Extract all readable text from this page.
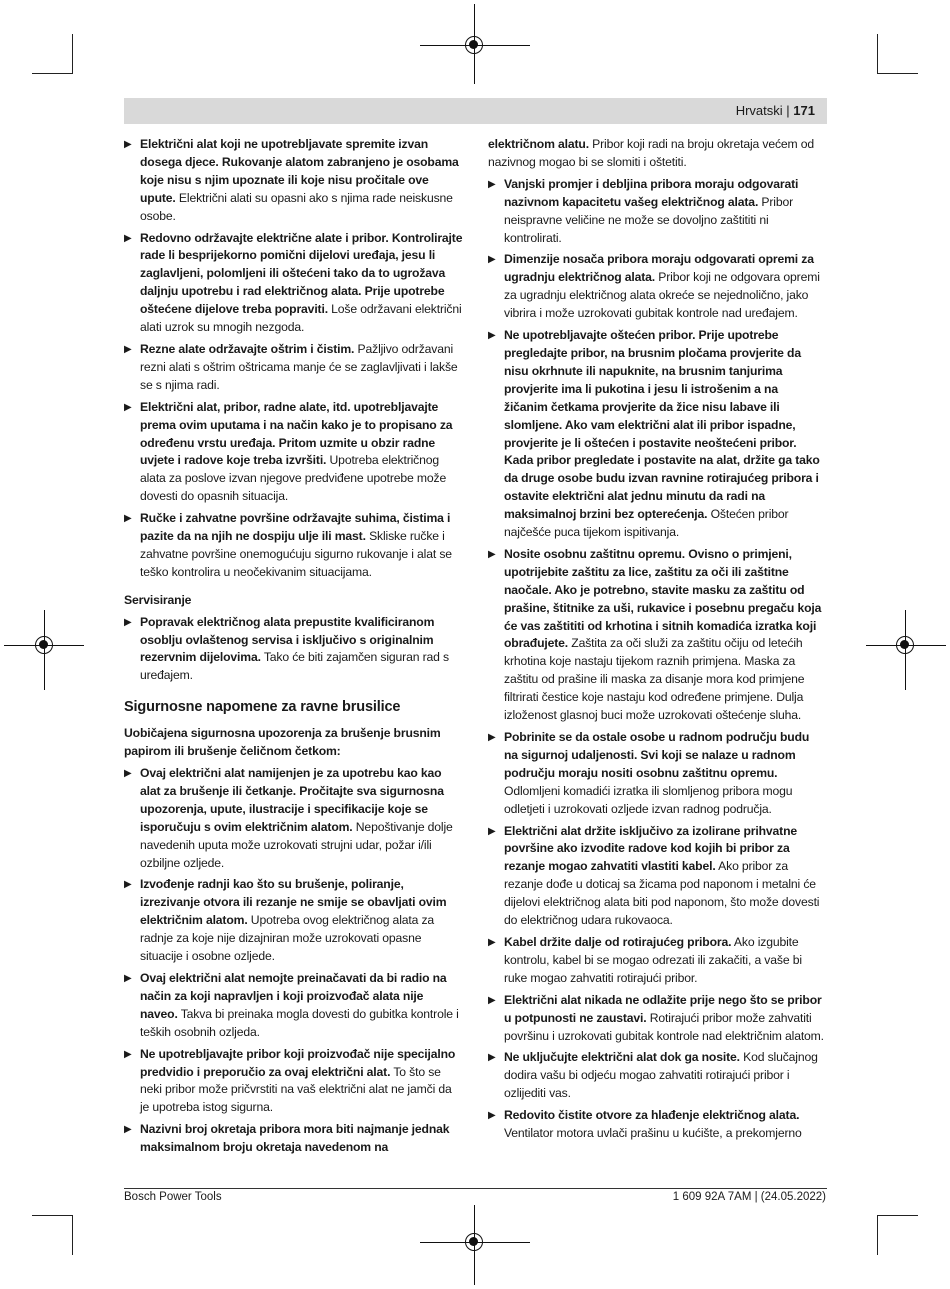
Hrvatski | 171
▶ Električni alat koji ne upotrebljavate spremite izvan dosega djece. Rukovanje alatom zabranjeno je osobama koje nisu s njim upoznate ili koje nisu pročitale ove upute. Električni alati su opasni ako s njima rade neiskusne osobe.
▶ Redovno održavajte električne alate i pribor. Kontrolirajte rade li besprijekorno pomični dijelovi uređaja, jesu li zaglavljeni, polomljeni ili oštećeni tako da to ugrožava daljnju upotrebu i rad električnog alata. Prije upotrebe oštećene dijelove treba popraviti. Loše održavani električni alati uzrok su mnogih nezgoda.
▶ Rezne alate održavajte oštrim i čistim. Pažljivo održavani rezni alati s oštrim oštricama manje će se zaglavljivati i lakše se s njima radi.
▶ Električni alat, pribor, radne alate, itd. upotrebljavajte prema ovim uputama i na način kako je to propisano za određenu vrstu uređaja. Pritom uzmite u obzir radne uvjete i radove koje treba izvršiti. Upotreba električnog alata za poslove izvan njegove predviđene upotrebe može dovesti do opasnih situacija.
▶ Ručke i zahvatne površine održavajte suhima, čistima i pazite da na njih ne dospiju ulje ili mast. Skliske ručke i zahvatne površine onemogućuju sigurno rukovanje i alat se teško kontrolira u neočekivanim situacijama.
Servisiranje
▶ Popravak električnog alata prepustite kvalificiranom osoblju ovlaštenog servisa i isključivo s originalnim rezervnim dijelovima. Tako će biti zajamčen siguran rad s uređajem.
Sigurnosne napomene za ravne brusilice
Uobičajena sigurnosna upozorenja za brušenje brusnim papirom ili brušenje čeličnom četkom:
▶ Ovaj električni alat namijenjen je za upotrebu kao kao alat za brušenje ili četkanje. Pročitajte sva sigurnosna upozorenja, upute, ilustracije i specifikacije koje se isporučuju s ovim električnim alatom. Nepoštivanje dolje navedenih uputa može uzrokovati strujni udar, požar i/ili ozbiljne ozljede.
▶ Izvođenje radnji kao što su brušenje, poliranje, izrezivanje otvora ili rezanje ne smije se obavljati ovim električnim alatom. Upotreba ovog električnog alata za radnje za koje nije dizajniran može uzrokovati opasne situacije i osobne ozljede.
▶ Ovaj električni alat nemojte preinačavati da bi radio na način za koji napravljen i koji proizvođač alata nije naveo. Takva bi preinaka mogla dovesti do gubitka kontrole i teških osobnih ozljeda.
▶ Ne upotrebljavajte pribor koji proizvođač nije specijalno predvidio i preporučio za ovaj električni alat. To što se neki pribor može pričvrstiti na vaš električni alat ne jamči da je upotreba istog sigurna.
▶ Nazivni broj okretaja pribora mora biti najmanje jednak maksimalnom broju okretaja navedenom na
električnom alatu. Pribor koji radi na broju okretaja većem od nazivnog mogao bi se slomiti i oštetiti.
▶ Vanjski promjer i debljina pribora moraju odgovarati nazivnom kapacitetu vašeg električnog alata. Pribor neispravne veličine ne može se dovoljno zaštititi ni kontrolirati.
▶ Dimenzije nosača pribora moraju odgovarati opremi za ugradnju električnog alata. Pribor koji ne odgovara opremi za ugradnju električnog alata okreće se nejednolično, jako vibrira i može uzrokovati gubitak kontrole nad uređajem.
▶ Ne upotrebljavajte oštećen pribor. Prije upotrebe pregledajte pribor, na brusnim pločama provjerite da nisu okrhnute ili napuknite, na brusnim tanjurima provjerite ima li pukotina i jesu li istrošenim a na žičanim četkama provjerite da žice nisu labave ili slomljene. Ako vam električni alat ili pribor ispadne, provjerite je li oštećen i postavite neoštećeni pribor. Kada pribor pregledate i postavite na alat, držite ga tako da druge osobe budu izvan ravnine rotirajućeg pribora i ostavite električni alat jednu minutu da radi na maksimalnoj brzini bez opterećenja. Oštećen pribor najčešće puca tijekom ispitivanja.
▶ Nosite osobnu zaštitnu opremu. Ovisno o primjeni, upotrijebite zaštitu za lice, zaštitu za oči ili zaštitne naočale. Ako je potrebno, stavite masku za zaštitu od prašine, štitnike za uši, rukavice i posebnu pregaču koja će vas zaštititi od krhotina i sitnih komadića izratka koji obrađujete. Zaštita za oči služi za zaštitu očiju od letećih krhotina koje nastaju tijekom raznih primjena. Maska za zaštitu od prašine ili maska za disanje mora kod primjene filtrirati čestice koje nastaju kod određene primjene. Dulja izloženost glasnoj buci može uzrokovati oštećenje sluha.
▶ Pobrinite se da ostale osobe u radnom području budu na sigurnoj udaljenosti. Svi koji se nalaze u radnom području moraju nositi osobnu zaštitnu opremu. Odlomljeni komadići izratka ili slomljenog pribora mogu odletjeti i uzrokovati ozljede izvan radnog područja.
▶ Električni alat držite isključivo za izolirane prihvatne površine ako izvodite radove kod kojih bi pribor za rezanje mogao zahvatiti vlastiti kabel. Ako pribor za rezanje dođe u doticaj sa žicama pod naponom i metalni će dijelovi električnog alata biti pod naponom, što može dovesti do električnog udara rukovaoca.
▶ Kabel držite dalje od rotirajućeg pribora. Ako izgubite kontrolu, kabel bi se mogao odrezati ili zakačiti, a vaše bi ruke mogao zahvatiti rotirajući pribor.
▶ Električni alat nikada ne odlažite prije nego što se pribor u potpunosti ne zaustavi. Rotirajući pribor može zahvatiti površinu i uzrokovati gubitak kontrole nad električnim alatom.
▶ Ne uključujte električni alat dok ga nosite. Kod slučajnog dodira vašu bi odjeću mogao zahvatiti rotirajući pribor i ozlijediti vas.
▶ Redovito čistite otvore za hlađenje električnog alata. Ventilator motora uvlači prašinu u kućište, a prekomjerno
Bosch Power Tools	1 609 92A 7AM | (24.05.2022)
